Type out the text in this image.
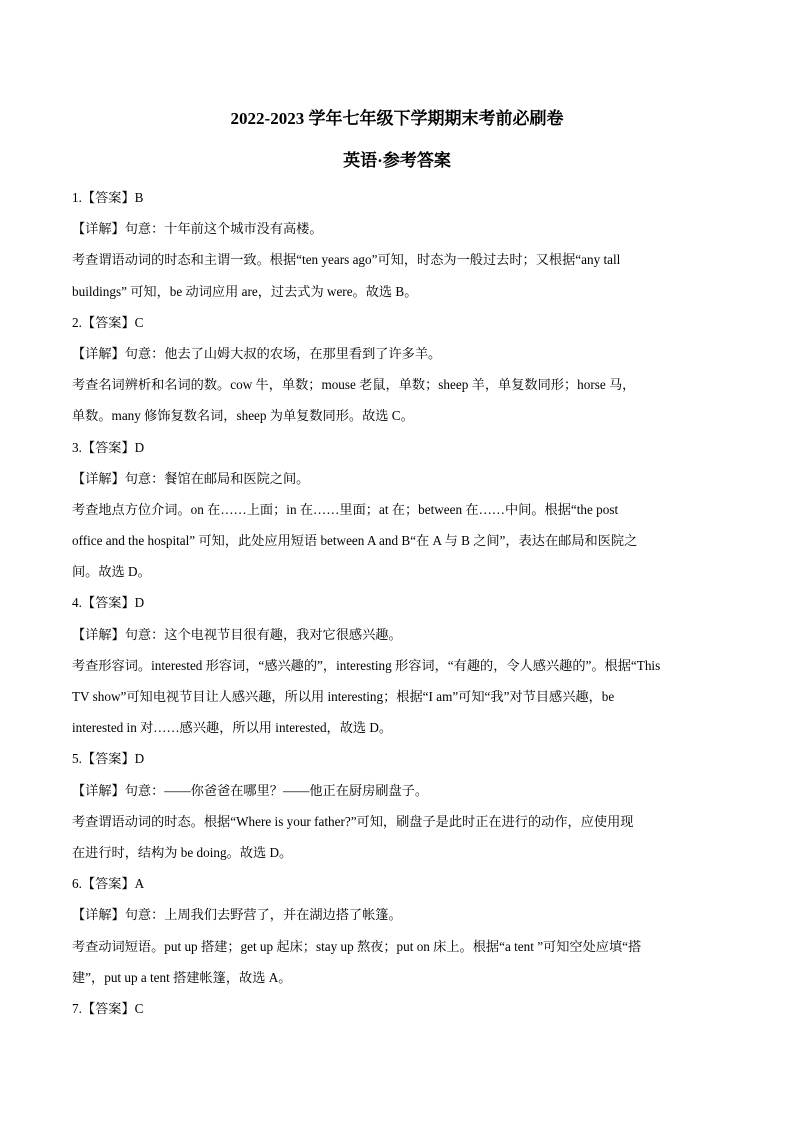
2022-2023 学年七年级下学期期末考前必刷卷
英语·参考答案
1.【答案】B
【详解】句意：十年前这个城市没有高楼。
考查谓语动词的时态和主谓一致。根据“ten years ago”可知，时态为一般过去时；又根据“any tall
buildings” 可知，be 动词应用 are，过去式为 were。故选 B。
2.【答案】C
【详解】句意：他去了山姆大叔的农场，在那里看到了许多羊。
考查名词辨析和名词的数。cow 牛，单数；mouse 老鼠，单数；sheep 羊，单复数同形；horse 马，
单数。many 修饰复数名词，sheep 为单复数同形。故选 C。
3.【答案】D
【详解】句意：餐馆在邮局和医院之间。
考查地点方位介词。on 在……上面；in 在……里面；at 在；between 在……中间。根据“the post
office and the hospital” 可知，此处应用短语 between A and B“在 A 与 B 之间”，表达在邮局和医院之
间。故选 D。
4.【答案】D
【详解】句意：这个电视节目很有趣，我对它很感兴趣。
考查形容词。interested 形容词，“感兴趣的”，interesting 形容词，“有趣的，令人感兴趣的”。根据“This
TV show”可知电视节目让人感兴趣，所以用 interesting；根据“I am”可知“我”对节目感兴趣，be
interested in 对……感兴趣，所以用 interested，故选 D。
5.【答案】D
【详解】句意：——你爸爸在哪里？——他正在厨房刷盘子。
考查谓语动词的时态。根据“Where is your father?”可知，刷盘子是此时正在进行的动作，应使用现
在进行时，结构为 be doing。故选 D。
6.【答案】A
【详解】句意：上周我们去野营了，并在湖边搭了帐篷。
考查动词短语。put up 搭建；get up 起床；stay up 熬夜；put on 床上。根据“a tent ”可知空处应填“搭
建”，put up a tent 搭建帐篷，故选 A。
7.【答案】C
